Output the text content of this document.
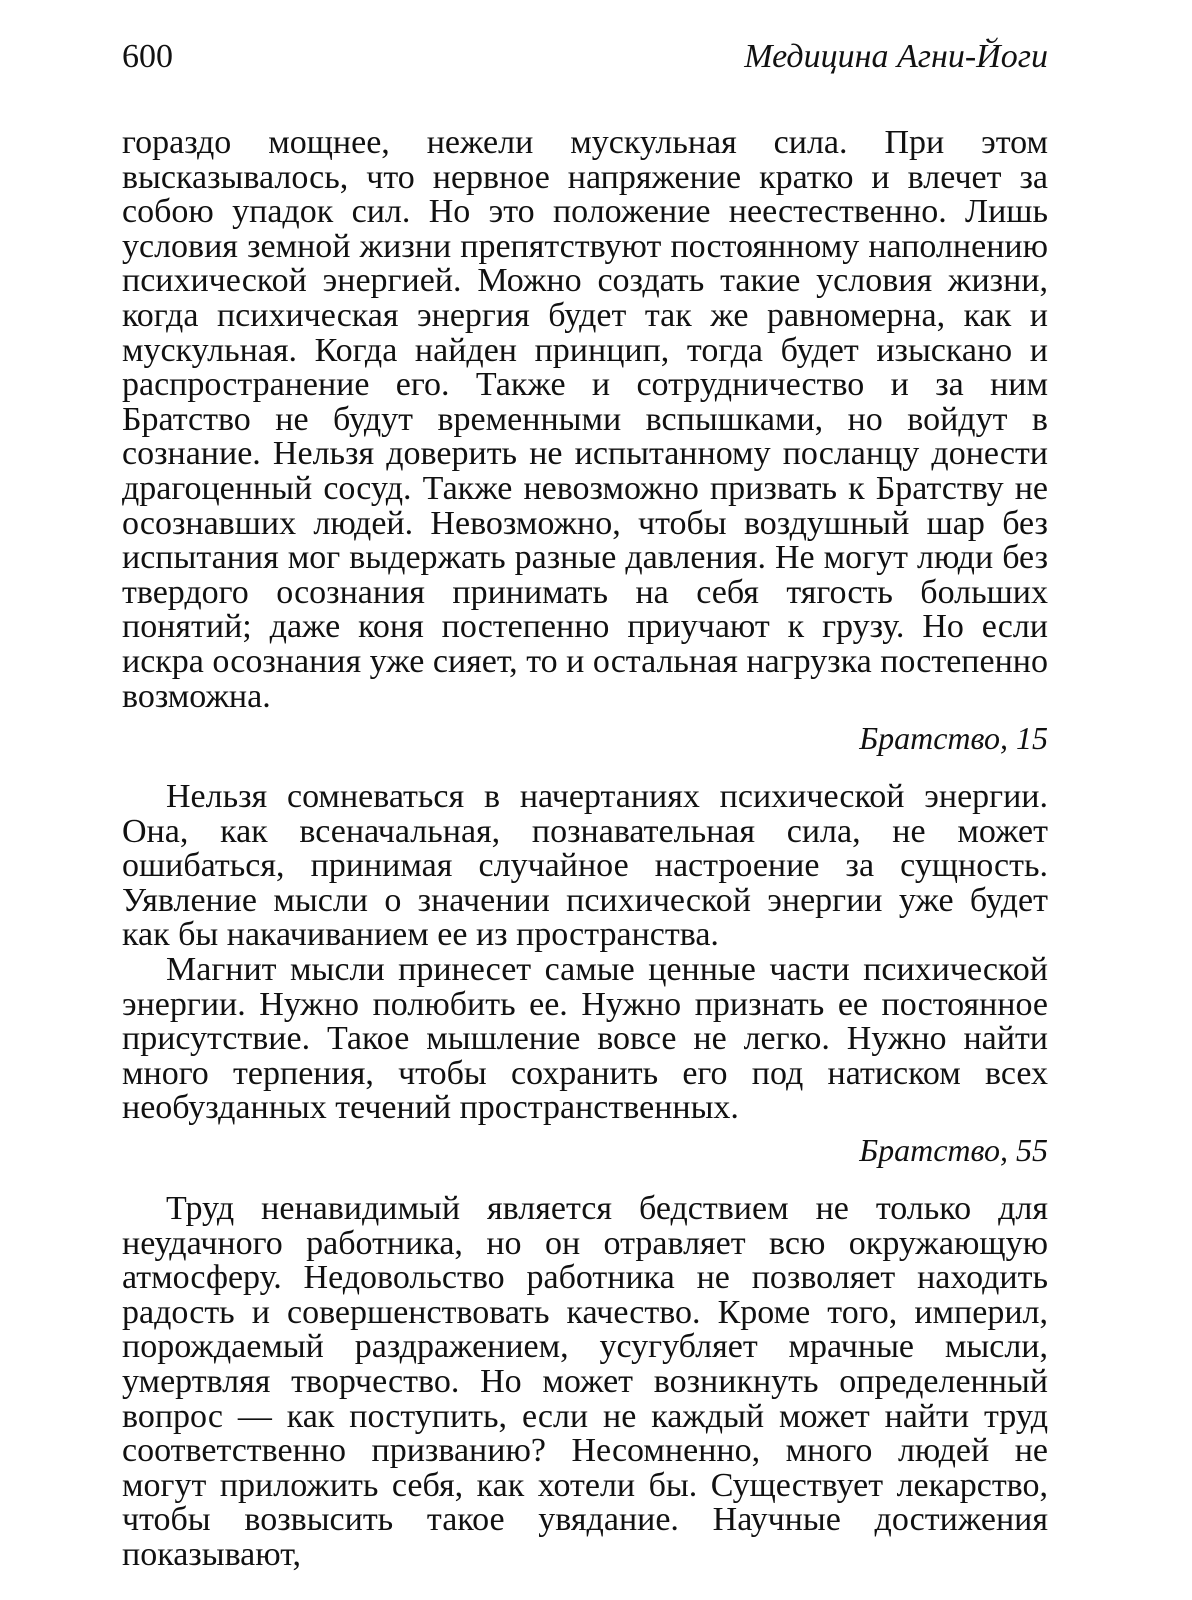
600	Медицина Агни-Йоги

гораздо мощнее, нежели мускульная сила. При этом высказывалось, что нервное напряжение кратко и влечет за собою упадок сил. Но это положение неестественно. Лишь условия земной жизни препятствуют постоянному наполнению психической энергией. Можно создать такие условия жизни, когда психическая энергия будет так же равномерна, как и мускульная. Когда найден принцип, тогда будет изыскано и распространение его. Также и сотрудничество и за ним Братство не будут временными вспышками, но войдут в сознание. Нельзя доверить не испытанному посланцу донести драгоценный сосуд. Также невозможно призвать к Братству не осознавших людей. Невозможно, чтобы воздушный шар без испытания мог выдержать разные давления. Не могут люди без твердого осознания принимать на себя тягость больших понятий; даже коня постепенно приучают к грузу. Но если искра осознания уже сияет, то и остальная нагрузка постепенно возможна.

Братство, 15

Нельзя сомневаться в начертаниях психической энергии. Она, как всеначальная, познавательная сила, не может ошибаться, принимая случайное настроение за сущность. Уявление мысли о значении психической энергии уже будет как бы накачиванием ее из пространства.

Магнит мысли принесет самые ценные части психической энергии. Нужно полюбить ее. Нужно признать ее постоянное присутствие. Такое мышление вовсе не легко. Нужно найти много терпения, чтобы сохранить его под натиском всех необузданных течений пространственных.

Братство, 55

Труд ненавидимый является бедствием не только для неудачного работника, но он отравляет всю окружающую атмосферу. Недовольство работника не позволяет находить радость и совершенствовать качество. Кроме того, империл, порождаемый раздражением, усугубляет мрачные мысли, умертвляя творчество. Но может возникнуть определенный вопрос — как поступить, если не каждый может найти труд соответственно призванию? Несомненно, много людей не могут приложить себя, как хотели бы. Существует лекарство, чтобы возвысить такое увядание. Научные достижения показывают,
